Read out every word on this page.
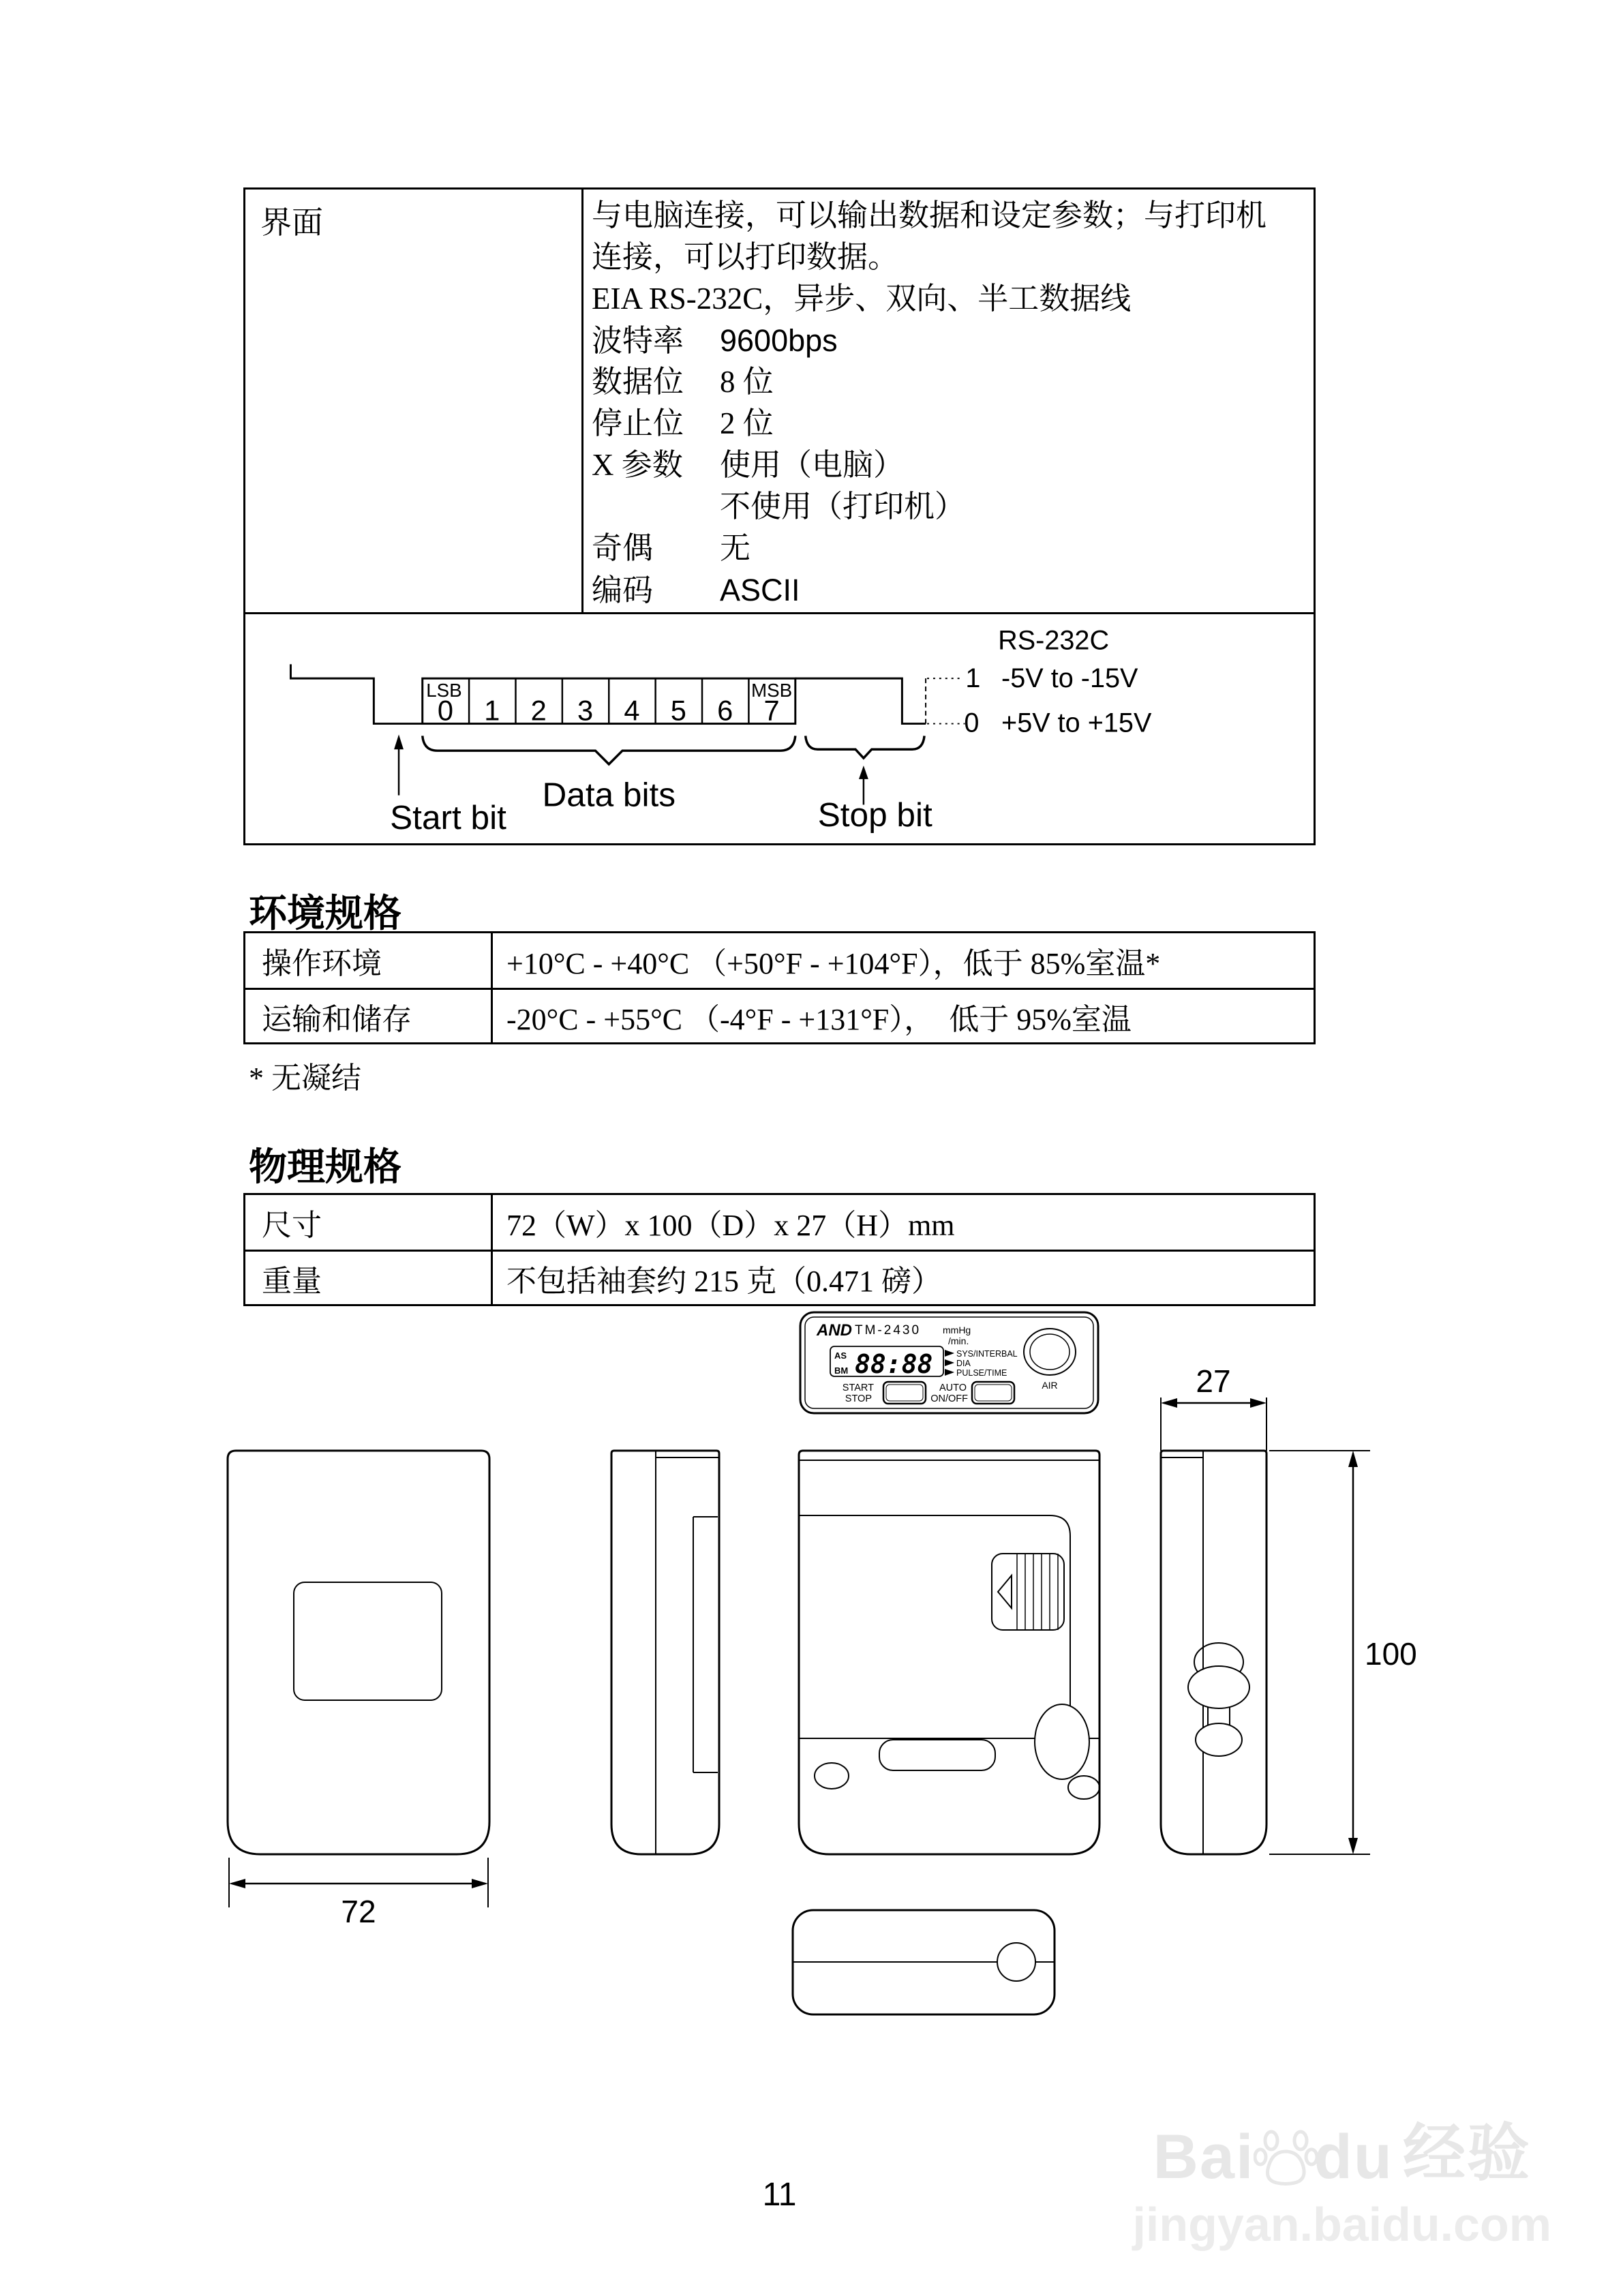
界面	与电脑连接，可以输出数据和设定参数；与打印机
连接，可以打印数据。
EIA RS-232C，异步、双向、半工数据线
波特率 9600bps
数据位 8 位
停止位 2 位
X 参数 使用（电脑）
不使用（打印机）
奇偶 无
编码 ASCII
LSB	MSB
0 1 2 3 4 5 6 7
Data bits
Start bit	Stop bit
RS-232C
1 -5V to -15V
0 +5V to +15V
环境规格
操作环境	+10°C - +40°C （+50°F - +104°F），低于 85%室温*
运输和储存	-20°C - +55°C （-4°F - +131°F），　低于 95%室温
* 无凝结
物理规格
尺寸	72（W）x 100（D）x 27（H）mm
重量	不包括袖套约 215 克（0.471 磅）
AND TM-2430 mmHg
/min.
AS
BM 88:88	SYS/INTERBAL
DIA
PULSE/TIME
AIR
START
STOP
AUTO
ON/OFF
72
27
100
11
Bai du 经验
jingyan.baidu.com
